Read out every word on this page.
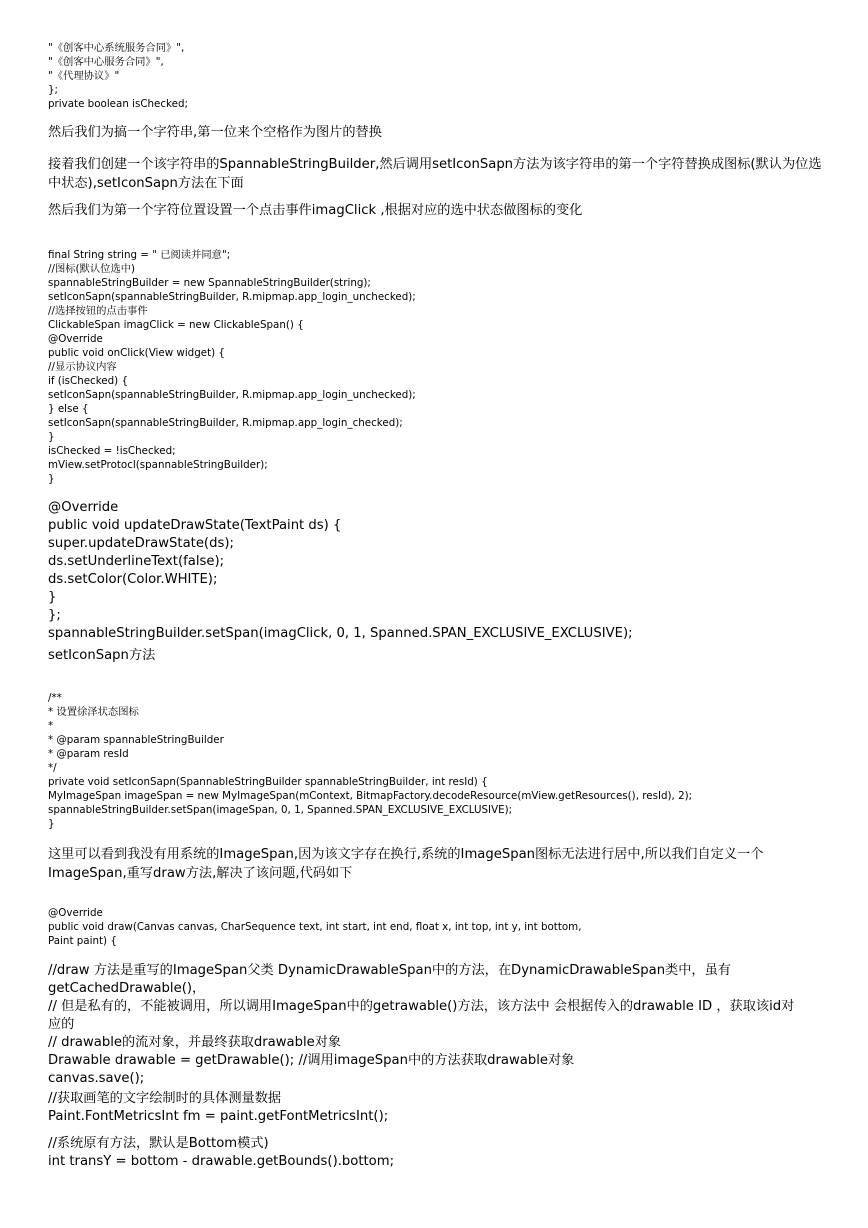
"《创客中心系统服务合同》",
"《创客中心服务合同》",
"《代理协议》"
};
private boolean isChecked;
然后我们为搞一个字符串,第一位来个空格作为图片的替换
接着我们创建一个该字符串的SpannableStringBuilder,然后调用setIconSapn方法为该字符串的第一个字符替换成图标(默认为位选中状态),setIconSapn方法在下面
然后我们为第一个字符位置设置一个点击事件imagClick ,根据对应的选中状态做图标的变化
final String string = " 已阅读并同意";
//图标(默认位选中)
spannableStringBuilder = new SpannableStringBuilder(string);
setIconSapn(spannableStringBuilder, R.mipmap.app_login_unchecked);
//选择按钮的点击事件
ClickableSpan imagClick = new ClickableSpan() {
@Override
public void onClick(View widget) {
//显示协议内容
if (isChecked) {
setIconSapn(spannableStringBuilder, R.mipmap.app_login_unchecked);
} else {
setIconSapn(spannableStringBuilder, R.mipmap.app_login_checked);
}
isChecked = !isChecked;
mView.setProtocl(spannableStringBuilder);
}
@Override
public void updateDrawState(TextPaint ds) {
super.updateDrawState(ds);
ds.setUnderlineText(false);
ds.setColor(Color.WHITE);
}
};
spannableStringBuilder.setSpan(imagClick, 0, 1, Spanned.SPAN_EXCLUSIVE_EXCLUSIVE);
setIconSapn方法
/**
* 设置徐泽状态图标
*
* @param spannableStringBuilder
* @param resId
*/
private void setIconSapn(SpannableStringBuilder spannableStringBuilder, int resId) {
MyImageSpan imageSpan = new MyImageSpan(mContext, BitmapFactory.decodeResource(mView.getResources(), resId), 2);
spannableStringBuilder.setSpan(imageSpan, 0, 1, Spanned.SPAN_EXCLUSIVE_EXCLUSIVE);
}
这里可以看到我没有用系统的ImageSpan,因为该文字存在换行,系统的ImageSpan图标无法进行居中,所以我们自定义一个ImageSpan,重写draw方法,解决了该问题,代码如下
@Override
public void draw(Canvas canvas, CharSequence text, int start, int end, float x, int top, int y, int bottom,
Paint paint) {
//draw 方法是重写的ImageSpan父类 DynamicDrawableSpan中的方法，在DynamicDrawableSpan类中，虽有
getCachedDrawable()，
// 但是私有的，不能被调用，所以调用ImageSpan中的getrawable()方法，该方法中 会根据传入的drawable ID ，获取该id对
应的
// drawable的流对象，并最终获取drawable对象
Drawable drawable = getDrawable(); //调用imageSpan中的方法获取drawable对象
canvas.save();
//获取画笔的文字绘制时的具体测量数据
Paint.FontMetricsInt fm = paint.getFontMetricsInt();
//系统原有方法，默认是Bottom模式)
int transY = bottom - drawable.getBounds().bottom;
